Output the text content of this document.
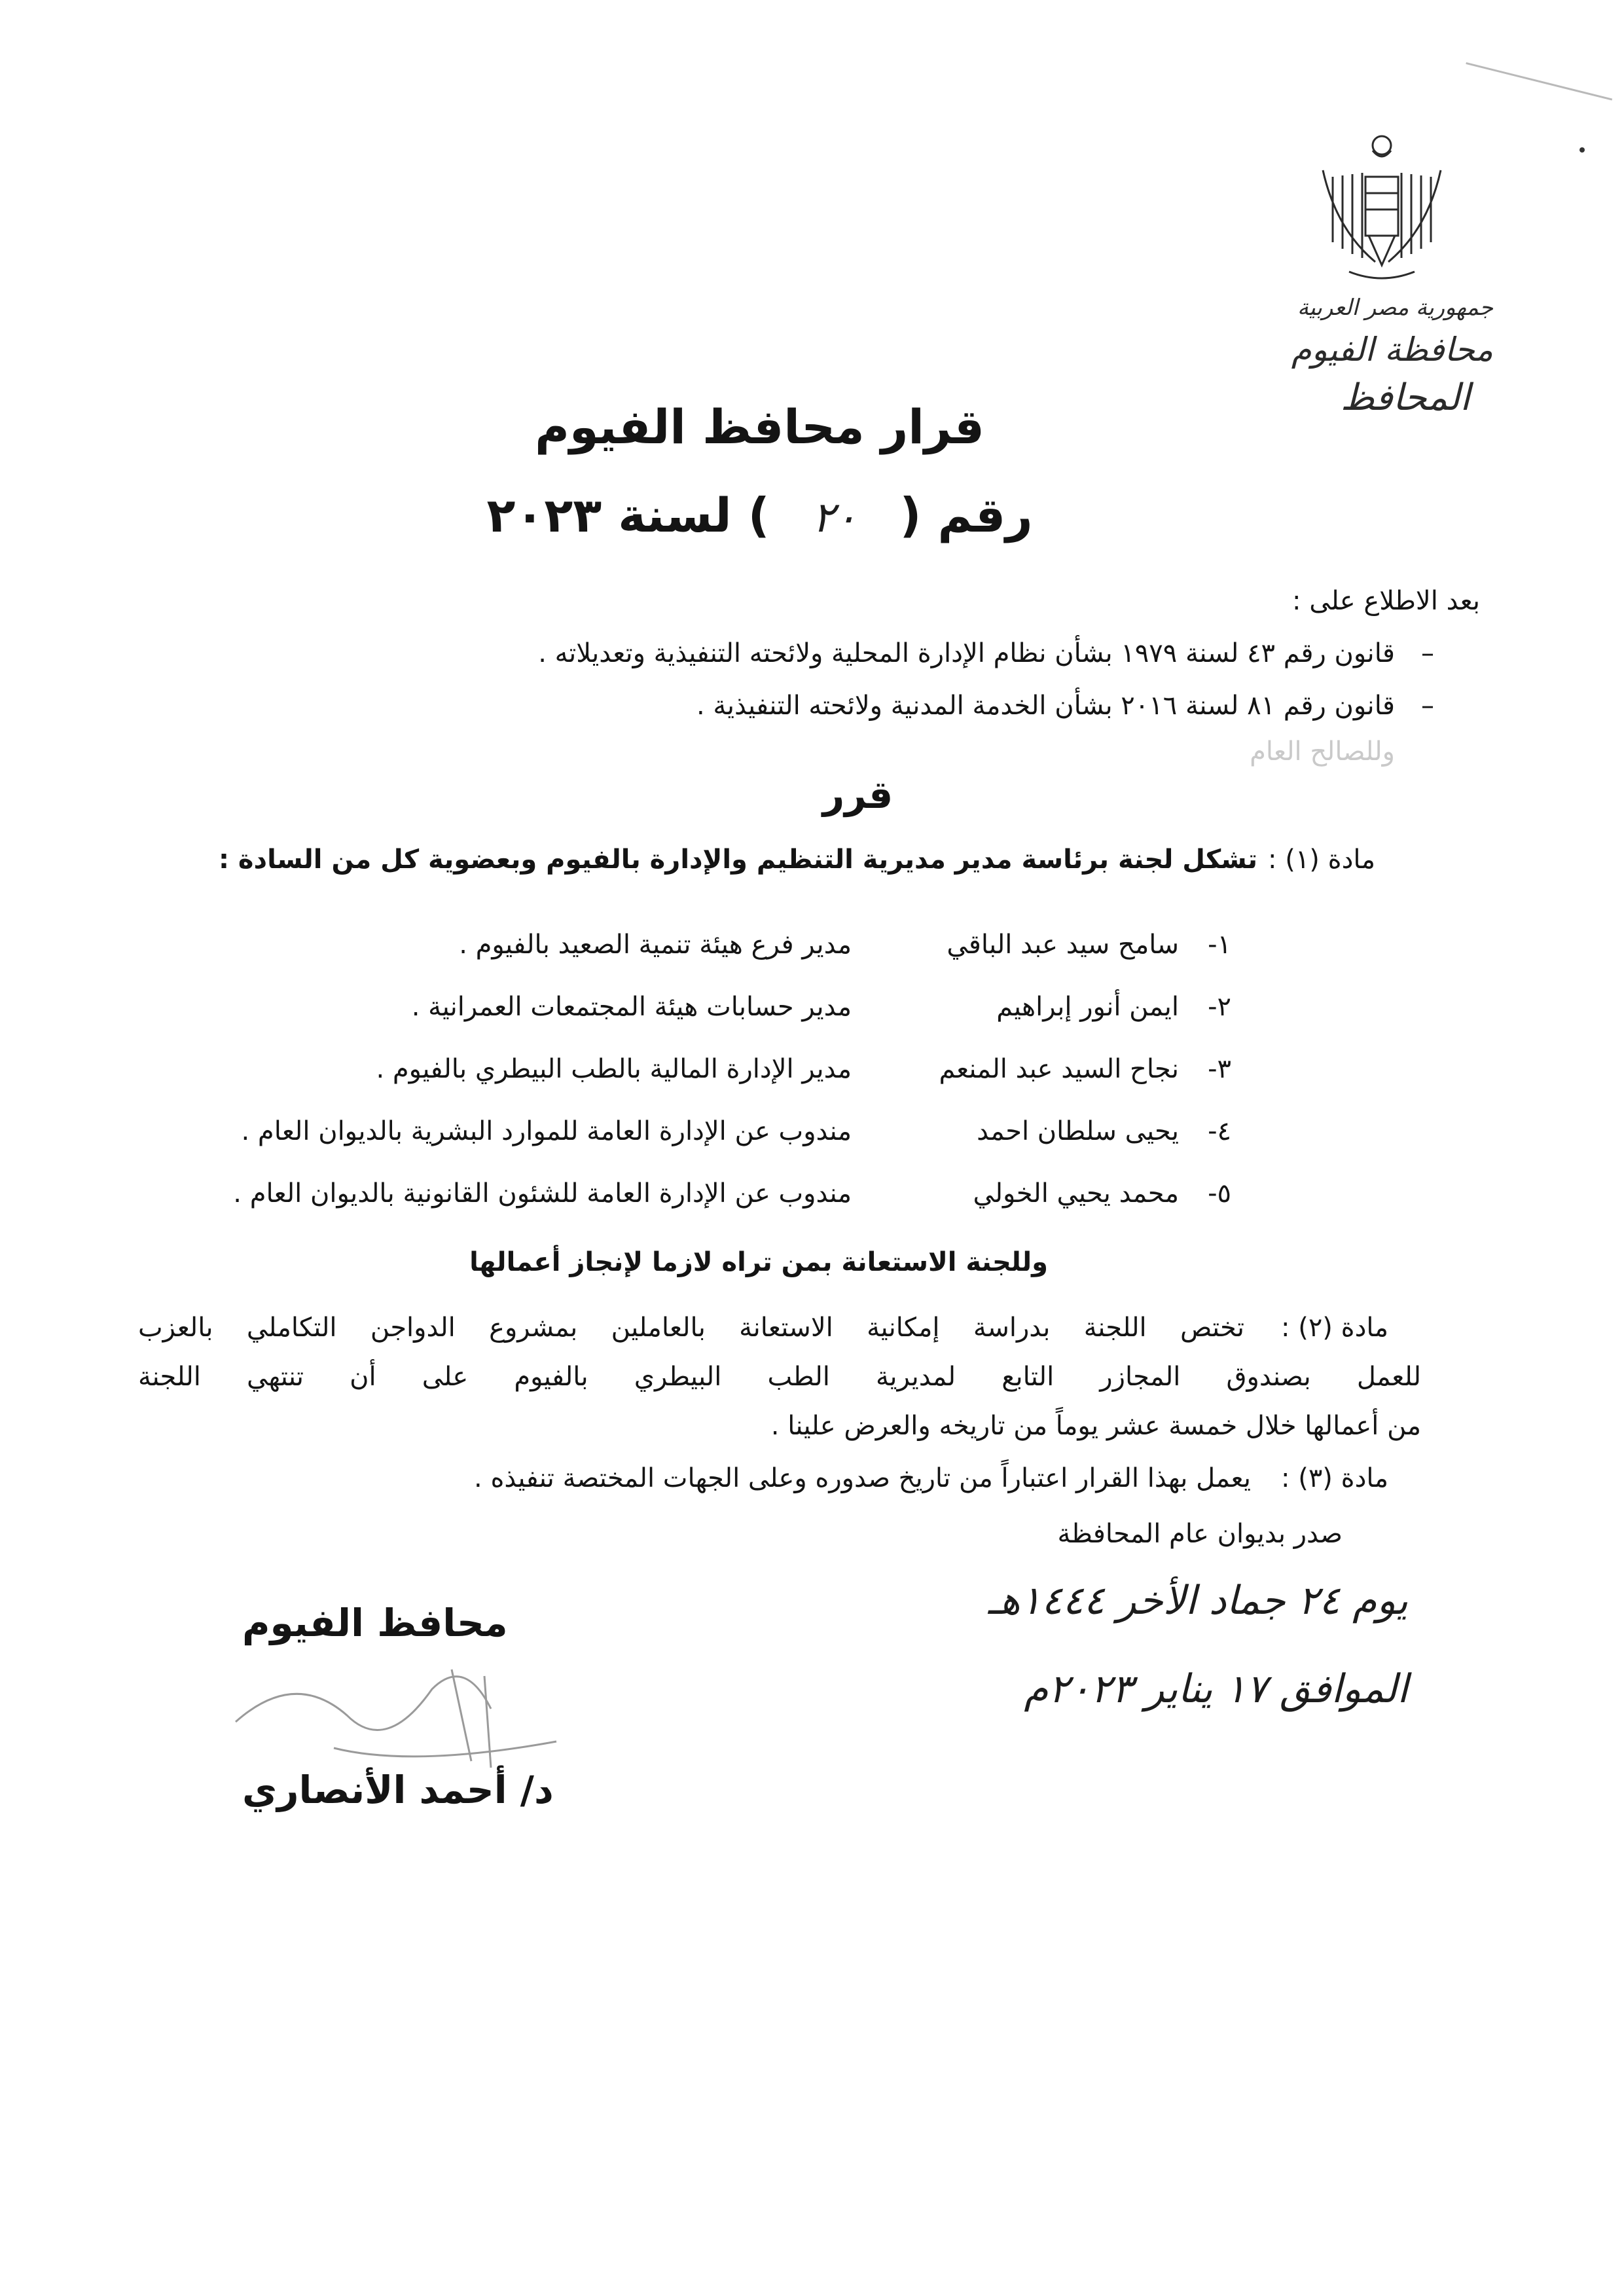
جمهورية مصر العربية
محافظة الفيوم
المحافظ
قرار محافظ الفيوم
رقم ( ٢٠ ) لسنة ٢٠٢٣
بعد الاطلاع على :
–
قانون رقم ٤٣ لسنة ١٩٧٩ بشأن نظام الإدارة المحلية ولائحته التنفيذية وتعديلاته .
–
قانون رقم ٨١ لسنة ٢٠١٦ بشأن الخدمة المدنية ولائحته التنفيذية .
وللصالح العام
قرر
مادة (١) :
تشكل لجنة برئاسة مدير مديرية التنظيم والإدارة بالفيوم وبعضوية كل من السادة :
١-
سامح سيد عبد الباقي
مدير فرع هيئة تنمية الصعيد بالفيوم .
٢-
ايمن أنور إبراهيم
مدير حسابات هيئة المجتمعات العمرانية .
٣-
نجاح السيد عبد المنعم
مدير الإدارة المالية بالطب البيطري بالفيوم .
٤-
يحيى سلطان احمد
مندوب عن الإدارة العامة للموارد البشرية بالديوان العام .
٥-
محمد يحيي الخولي
مندوب عن الإدارة العامة للشئون القانونية بالديوان العام .
وللجنة الاستعانة بمن تراه لازما لإنجاز أعمالها
مادة (٢) :
تختص اللجنة بدراسة إمكانية الاستعانة بالعاملين بمشروع الدواجن التكاملي بالعزب
للعمل بصندوق المجازر التابع لمديرية الطب البيطري بالفيوم على أن تنتهي اللجنة
من أعمالها خلال خمسة عشر يوماً من تاريخه والعرض علينا .
مادة (٣) :
يعمل بهذا القرار اعتباراً من تاريخ صدوره وعلى الجهات المختصة تنفيذه .
صدر بديوان عام المحافظة
يوم ٢٤ جماد الأخر ١٤٤٤هـ
الموافق ١٧ يناير ٢٠٢٣م
محافظ الفيوم
د/ أحمد الأنصاري
